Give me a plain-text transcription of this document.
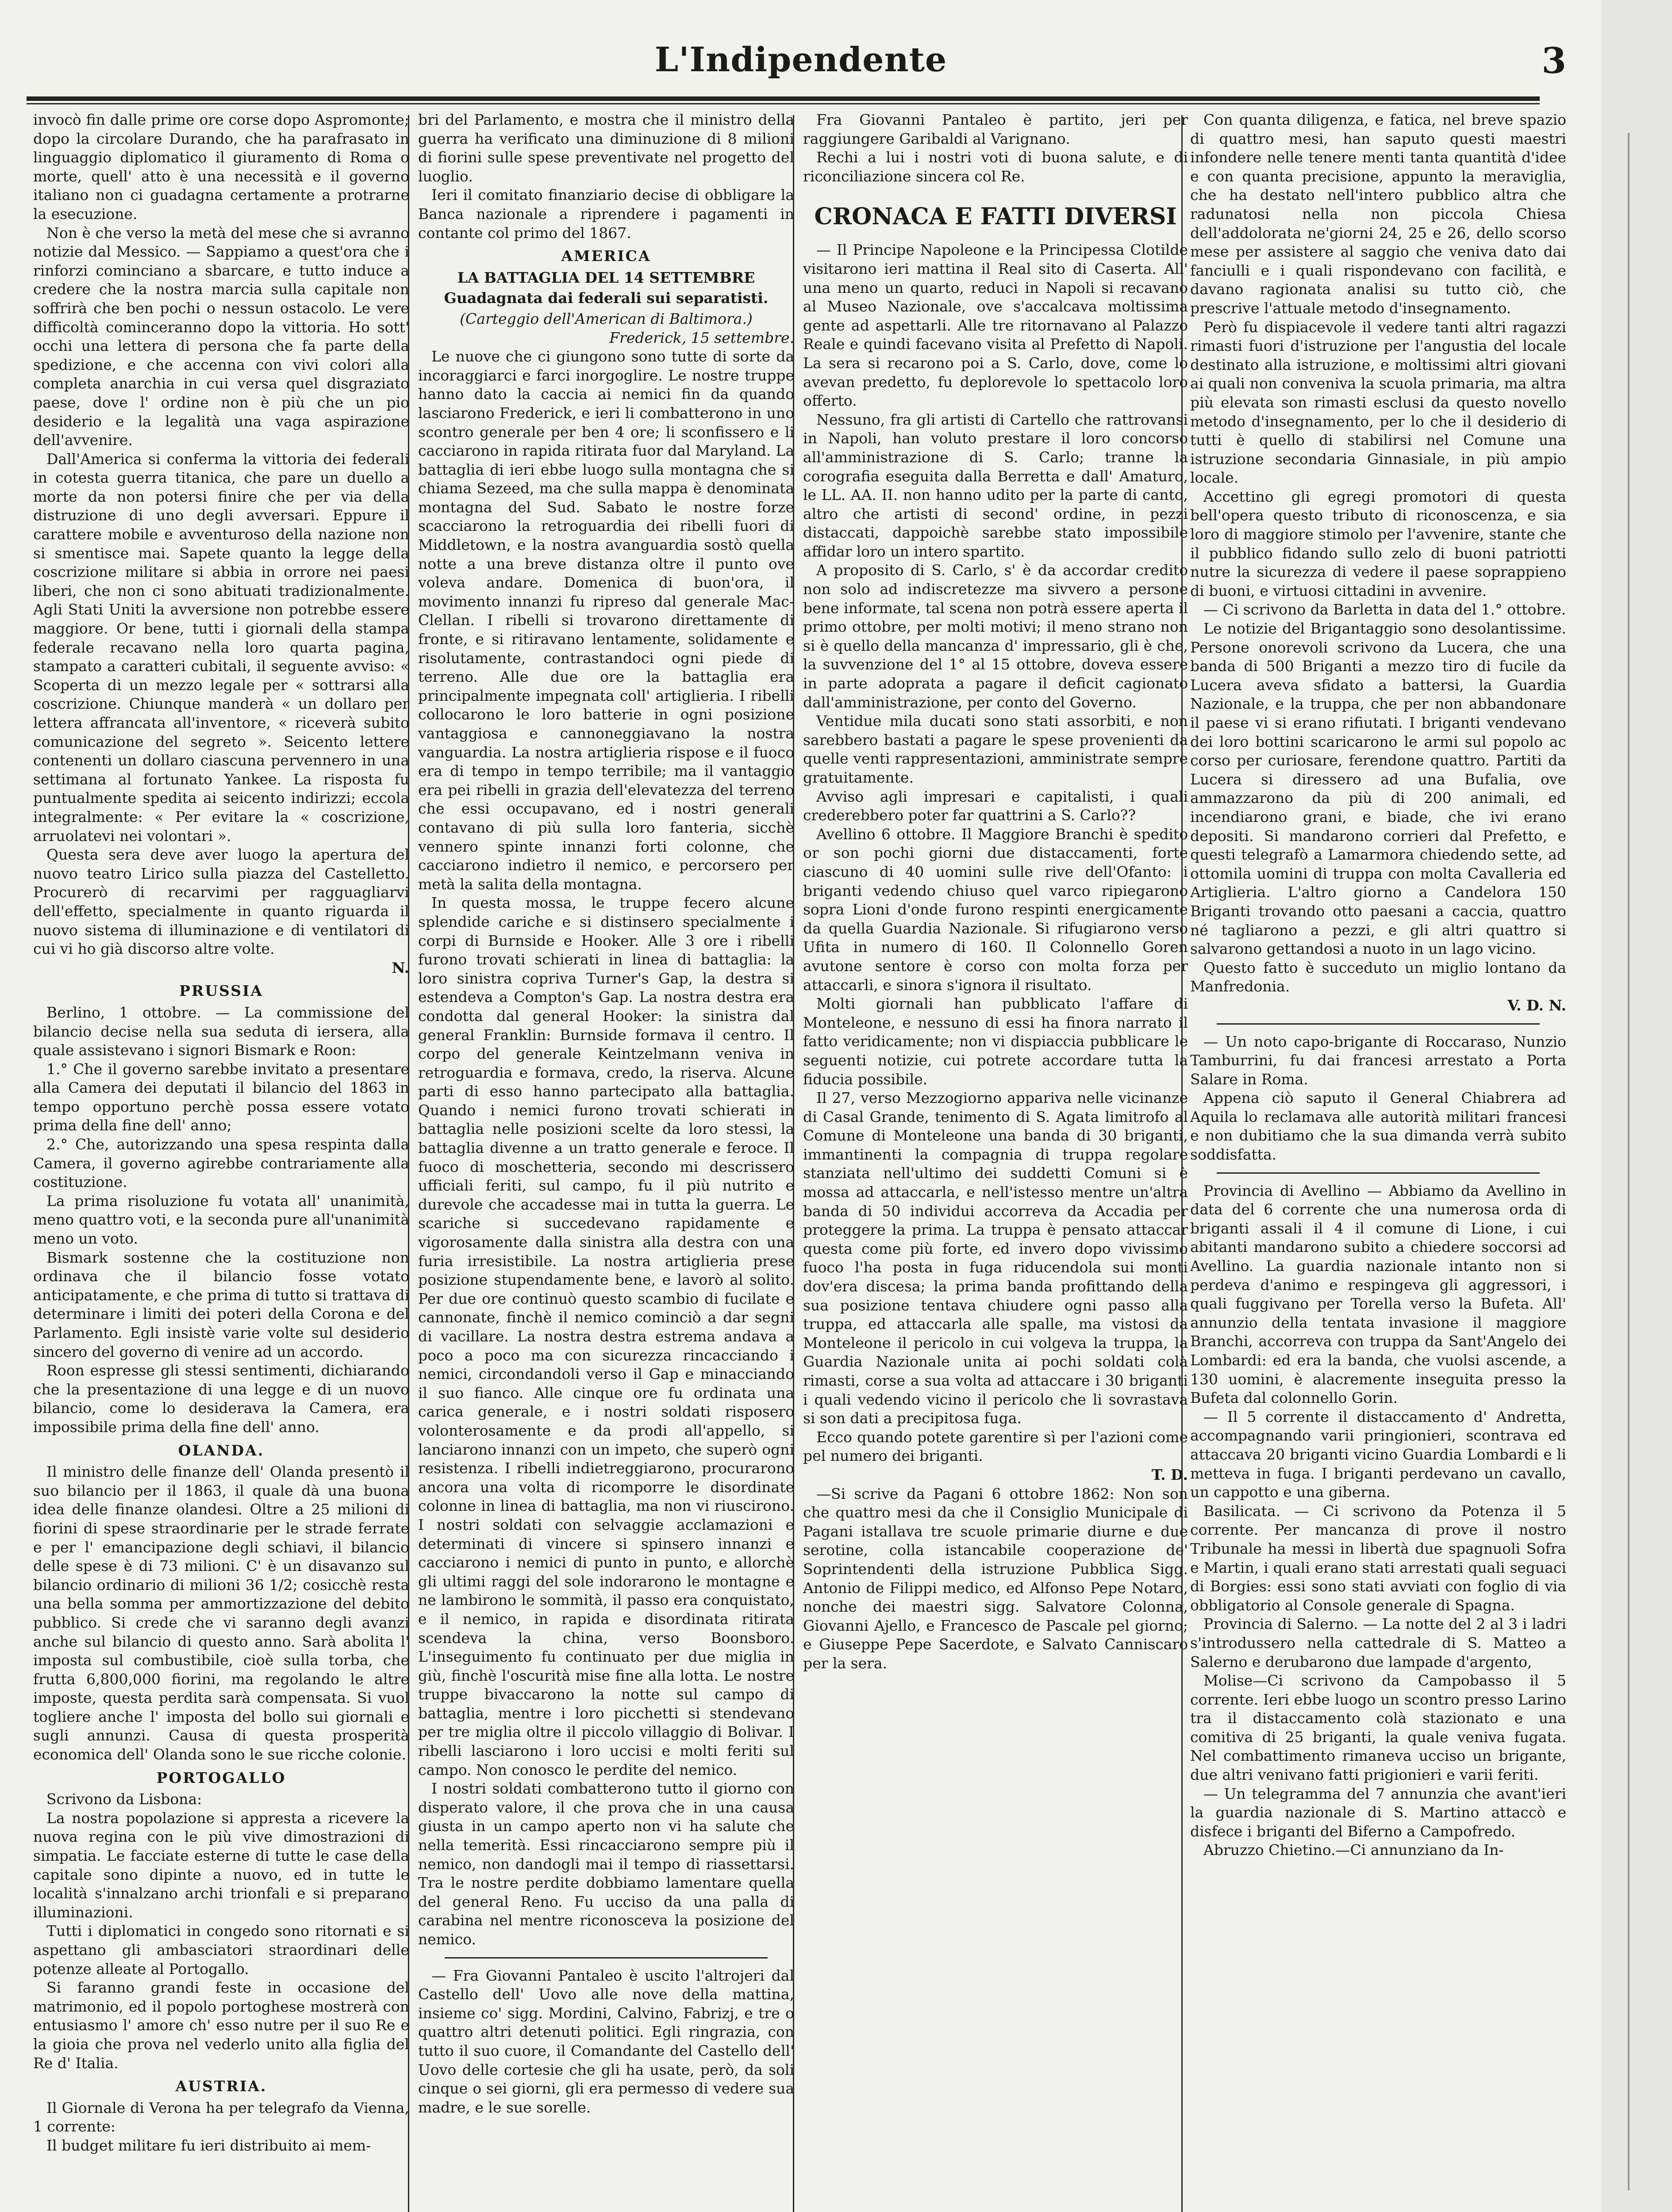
L'Indipendente	3

invocò fin dalle prime ore corse dopo Aspromonte; dopo la circolare Durando, che ha parafrasato in linguaggio diplomatico il giuramento di Roma o morte, quell' atto è una necessità e il governo italiano non ci guadagna certamente a protrarne la esecuzione.

Non è che verso la metà del mese che si avranno notizie dal Messico. — Sappiamo a quest'ora che i rinforzi cominciano a sbarcare, e tutto induce a credere che la nostra marcia sulla capitale non soffrirà che ben pochi o nessun ostacolo. Le vere difficoltà cominceranno dopo la vittoria. Ho sott' occhi una lettera di persona che fa parte della spedizione, e che accenna con vivi colori alla completa anarchia in cui versa quel disgraziato paese, dove l' ordine non è più che un pio desiderio e la legalità una vaga aspirazione dell'avvenire.

Dall'America si conferma la vittoria dei federali in cotesta guerra titanica, che pare un duello a morte da non potersi finire che per via della distruzione di uno degli avversari. Eppure il carattere mobile e avventuroso della nazione non si smentisce mai. Sapete quanto la legge della coscrizione militare si abbia in orrore nei paesi liberi, che non ci sono abituati tradizionalmente. Agli Stati Uniti la avversione non potrebbe essere maggiore. Or bene, tutti i giornali della stampa federale recavano nella loro quarta pagina, stampato a caratteri cubitali, il seguente avviso: « Scoperta di un mezzo legale per « sottrarsi alla coscrizione. Chiunque manderà « un dollaro per lettera affrancata all'inventore, « riceverà subito comunicazione del segreto ». Seicento lettere contenenti un dollaro ciascuna pervennero in una settimana al fortunato Yankee. La risposta fu puntualmente spedita ai seicento indirizzi; eccola integralmente: « Per evitare la « coscrizione, arruolatevi nei volontari ».

Questa sera deve aver luogo la apertura del nuovo teatro Lirico sulla piazza del Castelletto. Procurerò di recarvimi per ragguagliarvi dell'effetto, specialmente in quanto riguarda il nuovo sistema di illuminazione e di ventilatori di cui vi ho già discorso altre volte.

N.
PRUSSIA

Berlino, 1 ottobre. — La commissione del bilancio decise nella sua seduta di iersera, alla quale assistevano i signori Bismark e Roon:

1.° Che il governo sarebbe invitato a presentare alla Camera dei deputati il bilancio del 1863 in tempo opportuno perchè possa essere votato prima della fine dell' anno;

2.° Che, autorizzando una spesa respinta dalla Camera, il governo agirebbe contrariamente alla costituzione.

La prima risoluzione fu votata all' unanimità, meno quattro voti, e la seconda pure all'unanimità meno un voto.

Bismark sostenne che la costituzione non ordinava che il bilancio fosse votato anticipatamente, e che prima di tutto si trattava di determinare i limiti dei poteri della Corona e del Parlamento. Egli insistè varie volte sul desiderio sincero del governo di venire ad un accordo.

Roon espresse gli stessi sentimenti, dichiarando che la presentazione di una legge e di un nuovo bilancio, come lo desiderava la Camera, era impossibile prima della fine dell' anno.

OLANDA.

Il ministro delle finanze dell' Olanda presentò il suo bilancio per il 1863, il quale dà una buona idea delle finanze olandesi. Oltre a 25 milioni di fiorini di spese straordinarie per le strade ferrate e per l' emancipazione degli schiavi, il bilancio delle spese è di 73 milioni. C' è un disavanzo sul bilancio ordinario di milioni 36 1/2; cosicchè resta una bella somma per ammortizzazione del debito pubblico. Si crede che vi saranno degli avanzi anche sul bilancio di questo anno. Sarà abolita l' imposta sul combustibile, cioè sulla torba, che frutta 6,800,000 fiorini, ma regolando le altre imposte, questa perdita sarà compensata. Si vuol togliere anche l' imposta del bollo sui giornali e sugli annunzi. Causa di questa prosperità economica dell' Olanda sono le sue ricche colonie.

PORTOGALLO

Scrivono da Lisbona:

La nostra popolazione si appresta a ricevere la nuova regina con le più vive dimostrazioni di simpatia. Le facciate esterne di tutte le case della capitale sono dipinte a nuovo, ed in tutte le località s'innalzano archi trionfali e si preparano illuminazioni.

Tutti i diplomatici in congedo sono ritornati e si aspettano gli ambasciatori straordinari delle potenze alleate al Portogallo.

Si faranno grandi feste in occasione del matrimonio, ed il popolo portoghese mostrerà con entusiasmo l' amore ch' esso nutre per il suo Re e la gioia che prova nel vederlo unito alla figlia del Re d' Italia.

AUSTRIA.

Il Giornale di Verona ha per telegrafo da Vienna, 1 corrente:

Il budget militare fu ieri distribuito ai mem-

bri del Parlamento, e mostra che il ministro della guerra ha verificato una diminuzione di 8 milioni di fiorini sulle spese preventivate nel progetto del luoglio.

Ieri il comitato finanziario decise di obbligare la Banca nazionale a riprendere i pagamenti in contante col primo del 1867.

AMERICA
LA BATTAGLIA DEL 14 SETTEMBRE
Guadagnata dai federali sui separatisti.
(Carteggio dell'American di Baltimora.)
Frederick, 15 settembre.

Le nuove che ci giungono sono tutte di sorte da incoraggiarci e farci inorgoglire. Le nostre truppe hanno dato la caccia ai nemici fin da quando lasciarono Frederick, e ieri li combatterono in uno scontro generale per ben 4 ore; li sconfissero e li cacciarono in rapida ritirata fuor dal Maryland. La battaglia di ieri ebbe luogo sulla montagna che si chiama Sezeed, ma che sulla mappa è denominata montagna del Sud. Sabato le nostre forze scacciarono la retroguardia dei ribelli fuori di Middletown, e la nostra avanguardia sostò quella notte a una breve distanza oltre il punto ove voleva andare. Domenica di buon'ora, il movimento innanzi fu ripreso dal generale Mac-Clellan. I ribelli si trovarono direttamente di fronte, e si ritiravano lentamente, solidamente e risolutamente, contrastandoci ogni piede di terreno. Alle due ore la battaglia era principalmente impegnata coll' artiglieria. I ribelli collocarono le loro batterie in ogni posizione vantaggiosa e cannoneggiavano la nostra vanguardia. La nostra artiglieria rispose e il fuoco era di tempo in tempo terribile; ma il vantaggio era pei ribelli in grazia dell'elevatezza del terreno che essi occupavano, ed i nostri generali contavano di più sulla loro fanteria, sicchè vennero spinte innanzi forti colonne, che cacciarono indietro il nemico, e percorsero per metà la salita della montagna.

In questa mossa, le truppe fecero alcune splendide cariche e si distinsero specialmente i corpi di Burnside e Hooker. Alle 3 ore i ribelli furono trovati schierati in linea di battaglia: la loro sinistra copriva Turner's Gap, la destra si estendeva a Compton's Gap. La nostra destra era condotta dal general Hooker: la sinistra dal general Franklin: Burnside formava il centro. Il corpo del generale Keintzelmann veniva in retroguardia e formava, credo, la riserva. Alcune parti di esso hanno partecipato alla battaglia. Quando i nemici furono trovati schierati in battaglia nelle posizioni scelte da loro stessi, la battaglia divenne a un tratto generale e feroce. Il fuoco di moschetteria, secondo mi descrissero ufficiali feriti, sul campo, fu il più nutrito e durevole che accadesse mai in tutta la guerra. Le scariche si succedevano rapidamente e vigorosamente dalla sinistra alla destra con una furia irresistibile. La nostra artiglieria prese posizione stupendamente bene, e lavorò al solito. Per due ore continuò questo scambio di fucilate e cannonate, finchè il nemico cominciò a dar segni di vacillare. La nostra destra estrema andava a poco a poco ma con sicurezza rincacciando i nemici, circondandoli verso il Gap e minacciando il suo fianco. Alle cinque ore fu ordinata una carica generale, e i nostri soldati risposero volonterosamente e da prodi all'appello, si lanciarono innanzi con un impeto, che superò ogni resistenza. I ribelli indietreggiarono, procurarono ancora una volta di ricomporre le disordinate colonne in linea di battaglia, ma non vi riuscirono. I nostri soldati con selvaggie acclamazioni e determinati di vincere si spinsero innanzi e cacciarono i nemici di punto in punto, e allorchè gli ultimi raggi del sole indorarono le montagne e ne lambirono le sommità, il passo era conquistato, e il nemico, in rapida e disordinata ritirata scendeva la china, verso Boonsboro. L'inseguimento fu continuato per due miglia in giù, finchè l'oscurità mise fine alla lotta. Le nostre truppe bivaccarono la notte sul campo di battaglia, mentre i loro picchetti si stendevano per tre miglia oltre il piccolo villaggio di Bolivar. I ribelli lasciarono i loro uccisi e molti feriti sul campo. Non conosco le perdite del nemico.

I nostri soldati combatterono tutto il giorno con disperato valore, il che prova che in una causa giusta in un campo aperto non vi ha salute che nella temerità. Essi rincacciarono sempre più il nemico, non dandogli mai il tempo di riassettarsi. Tra le nostre perdite dobbiamo lamentare quella del general Reno. Fu ucciso da una palla di carabina nel mentre riconosceva la posizione del nemico.

— Fra Giovanni Pantaleo è uscito l'altrojeri dal Castello dell' Uovo alle nove della mattina, insieme co' sigg. Mordini, Calvino, Fabrizj, e tre o quattro altri detenuti politici. Egli ringrazia, con tutto il suo cuore, il Comandante del Castello dell' Uovo delle cortesie che gli ha usate, però, da soli cinque o sei giorni, gli era permesso di vedere sua madre, e le sue sorelle.

Fra Giovanni Pantaleo è partito, jeri per raggiungere Garibaldi al Varignano.

Rechi a lui i nostri voti di buona salute, e di riconciliazione sincera col Re.

CRONACA E FATTI DIVERSI

— Il Principe Napoleone e la Principessa Clotilde visitarono ieri mattina il Real sito di Caserta. All' una meno un quarto, reduci in Napoli si recavano al Museo Nazionale, ove s'accalcava moltissima gente ad aspettarli. Alle tre ritornavano al Palazzo Reale e quindi facevano visita al Prefetto di Napoli. La sera si recarono poi a S. Carlo, dove, come lo avevan predetto, fu deplorevole lo spettacolo loro offerto.

Nessuno, fra gli artisti di Cartello che rattrovansi in Napoli, han voluto prestare il loro concorso all'amministrazione di S. Carlo; tranne la corografia eseguita dalla Berretta e dall' Amaturo, le LL. AA. II. non hanno udito per la parte di canto, altro che artisti di second' ordine, in pezzi distaccati, dappoichè sarebbe stato impossibile affidar loro un intero spartito.

A proposito di S. Carlo, s' è da accordar credito non solo ad indiscretezze ma sivvero a persone bene informate, tal scena non potrà essere aperta il primo ottobre, per molti motivi; il meno strano non si è quello della mancanza d' impressario, gli è che, la suvvenzione del 1° al 15 ottobre, doveva essere in parte adoprata a pagare il deficit cagionato dall'amministrazione, per conto del Governo.

Ventidue mila ducati sono stati assorbiti, e non sarebbero bastati a pagare le spese provenienti da quelle venti rappresentazioni, amministrate sempre gratuitamente.

Avviso agli impresari e capitalisti, i quali crederebbero poter far quattrini a S. Carlo??

Avellino 6 ottobre. Il Maggiore Branchi è spedito or son pochi giorni due distaccamenti, forte ciascuno di 40 uomini sulle rive dell'Ofanto: i briganti vedendo chiuso quel varco ripiegarono sopra Lioni d'onde furono respinti energicamente da quella Guardia Nazionale. Si rifugiarono verso Ufita in numero di 160. Il Colonnello Goren avutone sentore è corso con molta forza per attaccarli, e sinora s'ignora il risultato.

Molti giornali han pubblicato l'affare di Monteleone, e nessuno di essi ha finora narrato il fatto veridicamente; non vi dispiaccia pubblicare le seguenti notizie, cui potrete accordare tutta la fiducia possibile.

Il 27, verso Mezzogiorno appariva nelle vicinanze di Casal Grande, tenimento di S. Agata limitrofo al Comune di Monteleone una banda di 30 briganti, immantinenti la compagnia di truppa regolare stanziata nell'ultimo dei suddetti Comuni si è mossa ad attaccarla, e nell'istesso mentre un'altra banda di 50 individui accorreva da Accadia per proteggere la prima. La truppa è pensato attaccar questa come più forte, ed invero dopo vivissimo fuoco l'ha posta in fuga riducendola sui monti dov'era discesa; la prima banda profittando della sua posizione tentava chiudere ogni passo alla truppa, ed attaccarla alle spalle, ma vistosi da Monteleone il pericolo in cui volgeva la truppa, la Guardia Nazionale unita ai pochi soldati colà rimasti, corse a sua volta ad attaccare i 30 briganti i quali vedendo vicino il pericolo che li sovrastava si son dati a precipitosa fuga.

Ecco quando potete garentire sì per l'azioni come pel numero dei briganti.

T. D.

—Si scrive da Pagani 6 ottobre 1862: Non son che quattro mesi da che il Consiglio Municipale di Pagani istallava tre scuole primarie diurne e due serotine, colla istancabile cooperazione de' Soprintendenti della istruzione Pubblica Sigg. Antonio de Filippi medico, ed Alfonso Pepe Notaro, nonche dei maestri sigg. Salvatore Colonna, Giovanni Ajello, e Francesco de Pascale pel giorno; e Giuseppe Pepe Sacerdote, e Salvato Canniscaro per la sera.

Con quanta diligenza, e fatica, nel breve spazio di quattro mesi, han saputo questi maestri infondere nelle tenere menti tanta quantità d'idee e con quanta precisione, appunto la meraviglia, che ha destato nell'intero pubblico altra che radunatosi nella non piccola Chiesa dell'addolorata ne'giorni 24, 25 e 26, dello scorso mese per assistere al saggio che veniva dato dai fanciulli e i quali rispondevano con facilità, e davano ragionata analisi su tutto ciò, che prescrive l'attuale metodo d'insegnamento.

Però fu dispiacevole il vedere tanti altri ragazzi rimasti fuori d'istruzione per l'angustia del locale destinato alla istruzione, e moltissimi altri giovani ai quali non conveniva la scuola primaria, ma altra più elevata son rimasti esclusi da questo novello metodo d'insegnamento, per lo che il desiderio di tutti è quello di stabilirsi nel Comune una istruzione secondaria Ginnasiale, in più ampio locale.

Accettino gli egregi promotori di questa bell'opera questo tributo di riconoscenza, e sia loro di maggiore stimolo per l'avvenire, stante che il pubblico fidando sullo zelo di buoni patriotti nutre la sicurezza di vedere il paese soprappieno di buoni, e virtuosi cittadini in avvenire.

— Ci scrivono da Barletta in data del 1.° ottobre.

Le notizie del Brigantaggio sono desolantissime. Persone onorevoli scrivono da Lucera, che una banda di 500 Briganti a mezzo tiro di fucile da Lucera aveva sfidato a battersi, la Guardia Nazionale, e la truppa, che per non abbandonare il paese vi si erano rifiutati. I briganti vendevano dei loro bottini scaricarono le armi sul popolo ac corso per curiosare, ferendone quattro. Partiti da Lucera si diressero ad una Bufalia, ove ammazzarono da più di 200 animali, ed incendiarono grani, e biade, che ivi erano depositi. Si mandarono corrieri dal Prefetto, e questi telegrafò a Lamarmora chiedendo sette, ad ottomila uomini di truppa con molta Cavalleria ed Artiglieria. L'altro giorno a Candelora 150 Briganti trovando otto paesani a caccia, quattro né tagliarono a pezzi, e gli altri quattro si salvarono gettandosi a nuoto in un lago vicino.

Questo fatto è succeduto un miglio lontano da Manfredonia.

V. D. N.

— Un noto capo-brigante di Roccaraso, Nunzio Tamburrini, fu dai francesi arrestato a Porta Salare in Roma.

Appena ciò saputo il General Chiabrera ad Aquila lo reclamava alle autorità militari francesi e non dubitiamo che la sua dimanda verrà subito soddisfatta.

Provincia di Avellino — Abbiamo da Avellino in data del 6 corrente che una numerosa orda di briganti assali il 4 il comune di Lione, i cui abitanti mandarono subito a chiedere soccorsi ad Avellino. La guardia nazionale intanto non si perdeva d'animo e respingeva gli aggressori, i quali fuggivano per Torella verso la Bufeta. All' annunzio della tentata invasione il maggiore Branchi, accorreva con truppa da Sant'Angelo dei Lombardi: ed era la banda, che vuolsi ascende, a 130 uomini, è alacremente inseguita presso la Bufeta dal colonnello Gorin.

— Il 5 corrente il distaccamento d' Andretta, accompagnando varii pringionieri, scontrava ed attaccava 20 briganti vicino Guardia Lombardi e li metteva in fuga. I briganti perdevano un cavallo, un cappotto e una giberna.

Basilicata. — Ci scrivono da Potenza il 5 corrente. Per mancanza di prove il nostro Tribunale ha messi in libertà due spagnuoli Sofra e Martin, i quali erano stati arrestati quali seguaci di Borgies: essi sono stati avviati con foglio di via obbligatorio al Console generale di Spagna.

Provincia di Salerno. — La notte del 2 al 3 i ladri s'introdussero nella cattedrale di S. Matteo a Salerno e derubarono due lampade d'argento,

Molise—Ci scrivono da Campobasso il 5 corrente. Ieri ebbe luogo un scontro presso Larino tra il distaccamento colà stazionato e una comitiva di 25 briganti, la quale veniva fugata. Nel combattimento rimaneva ucciso un brigante, due altri venivano fatti prigionieri e varii feriti.

— Un telegramma del 7 annunzia che avant'ieri la guardia nazionale di S. Martino attaccò e disfece i briganti del Biferno a Campofredo.

Abruzzo Chietino.—Ci annunziano da In-
